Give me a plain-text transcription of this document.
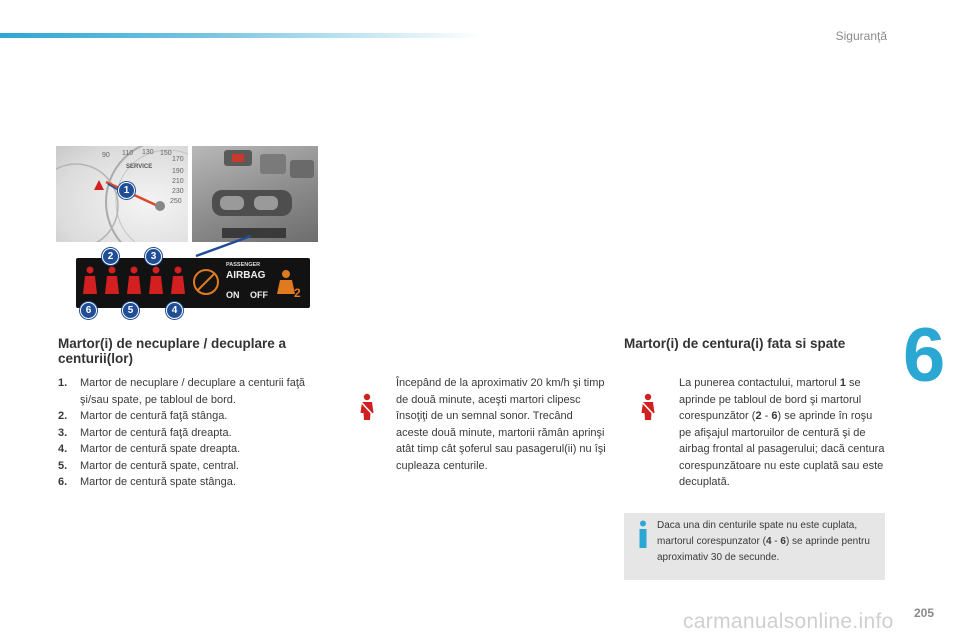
Siguranţă
6
205
90 110 130 150
170
190
210
230
250
SERVICE
PASSENGER
AIRBAG
ON OFF 2
1
2	3
4
5
6
Martor(i) de necuplare / decuplare a centurii(lor)
1. Martor de necuplare / decuplare a centurii faţă şi/sau spate, pe tabloul de bord.
2. Martor de centură faţă stânga.
3. Martor de centură faţă dreapta.
4. Martor de centură spate dreapta.
5. Martor de centură spate, central.
6. Martor de centură spate stânga.
Începând de la aproximativ 20 km/h şi timp de două minute, aceşti martori clipesc însoţiţi de un semnal sonor. Trecând aceste două minute, martorii rămân aprinşi atât timp cât şoferul sau pasagerul(ii) nu îşi cupleaza centurile.
Martor(i) de centura(i) fata si spate
La punerea contactului, martorul 1 se aprinde pe tabloul de bord şi martorul corespunzător (2 - 6) se aprinde în roşu pe afişajul martoruilor de centură şi de airbag frontal al pasagerului; dacă centura corespunzătoare nu este cuplată sau este decuplată.
Daca una din centurile spate nu este cuplata, martorul corespunzator (4 - 6) se aprinde pentru aproximativ 30 de secunde.
carmanualsonline.info
